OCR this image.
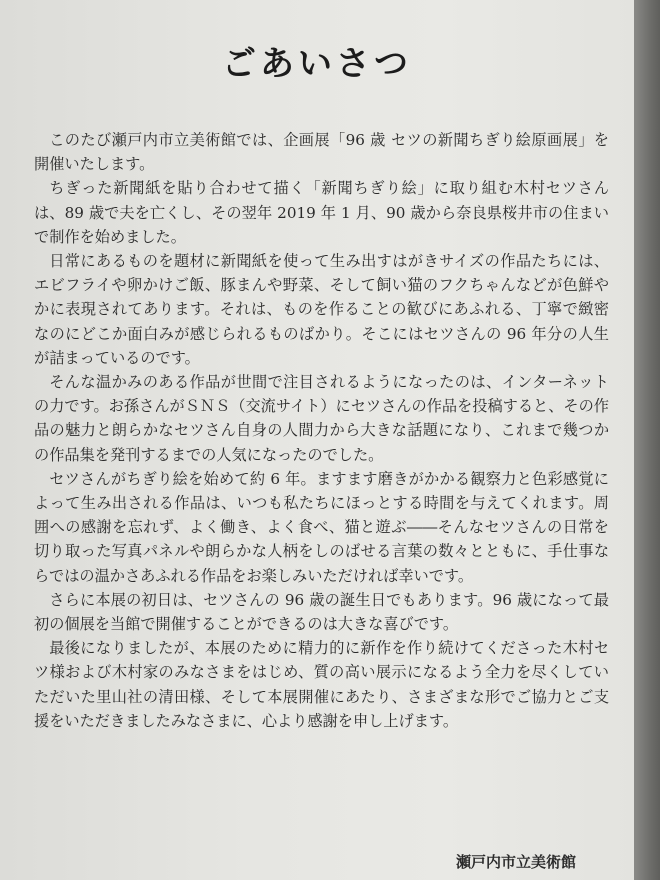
ごあいさつ

このたび瀬戸内市立美術館では、企画展「96 歳 セツの新聞ちぎり絵原画展」を開催いたします。

ちぎった新聞紙を貼り合わせて描く「新聞ちぎり絵」に取り組む木村セツさんは、89 歳で夫を亡くし、その翌年 2019 年 1 月、90 歳から奈良県桜井市の住まいで制作を始めました。

日常にあるものを題材に新聞紙を使って生み出すはがきサイズの作品たちには、エビフライや卵かけご飯、豚まんや野菜、そして飼い猫のフクちゃんなどが色鮮やかに表現されてあります。それは、ものを作ることの歓びにあふれる、丁寧で緻密なのにどこか面白みが感じられるものばかり。そこにはセツさんの 96 年分の人生が詰まっているのです。

そんな温かみのある作品が世間で注目されるようになったのは、インターネットの力です。お孫さんがＳＮＳ（交流サイト）にセツさんの作品を投稿すると、その作品の魅力と朗らかなセツさん自身の人間力から大きな話題になり、これまで幾つかの作品集を発刊するまでの人気になったのでした。

セツさんがちぎり絵を始めて約 6 年。ますます磨きがかかる観察力と色彩感覚によって生み出される作品は、いつも私たちにほっとする時間を与えてくれます。周囲への感謝を忘れず、よく働き、よく食べ、猫と遊ぶ――そんなセツさんの日常を切り取った写真パネルや朗らかな人柄をしのばせる言葉の数々とともに、手仕事ならではの温かさあふれる作品をお楽しみいただければ幸いです。

さらに本展の初日は、セツさんの 96 歳の誕生日でもあります。96 歳になって最初の個展を当館で開催することができるのは大きな喜びです。

最後になりましたが、本展のために精力的に新作を作り続けてくださった木村セツ様および木村家のみなさまをはじめ、質の高い展示になるよう全力を尽くしていただいた里山社の清田様、そして本展開催にあたり、さまざまな形でご協力とご支援をいただきましたみなさまに、心より感謝を申し上げます。

瀬戸内市立美術館
